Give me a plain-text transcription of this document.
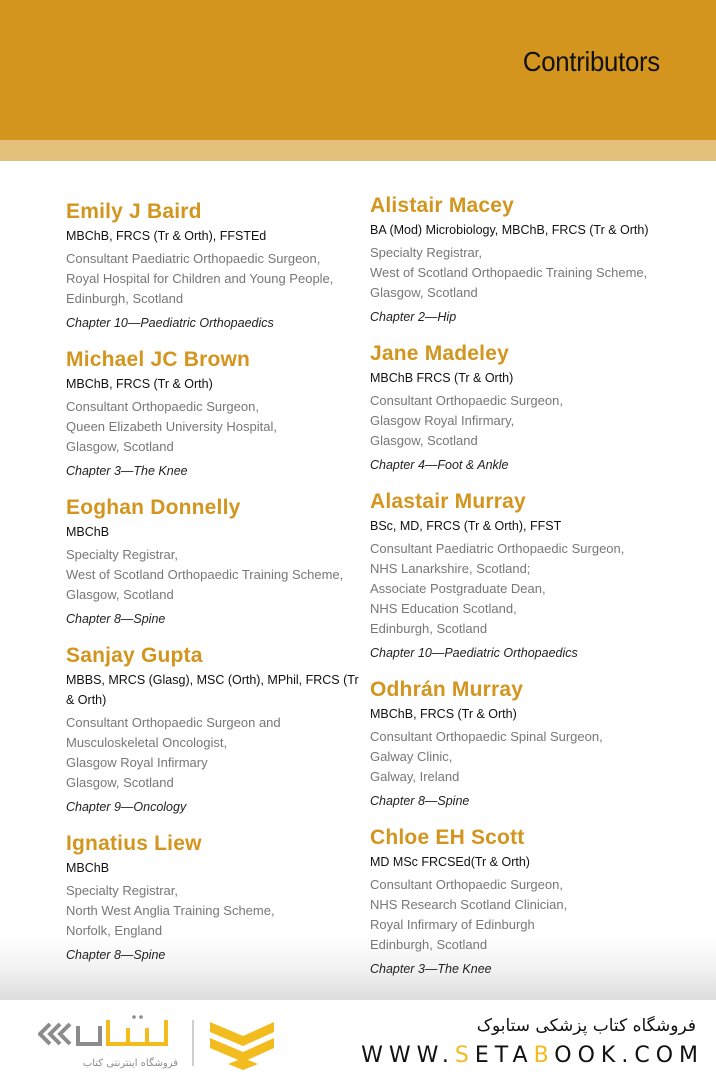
Contributors
Emily J Baird
MBChB, FRCS (Tr & Orth), FFSTEd
Consultant Paediatric Orthopaedic Surgeon,
Royal Hospital for Children and Young People,
Edinburgh, Scotland
Chapter 10—Paediatric Orthopaedics
Michael JC Brown
MBChB, FRCS (Tr & Orth)
Consultant Orthopaedic Surgeon,
Queen Elizabeth University Hospital,
Glasgow, Scotland
Chapter 3—The Knee
Eoghan Donnelly
MBChB
Specialty Registrar,
West of Scotland Orthopaedic Training Scheme,
Glasgow, Scotland
Chapter 8—Spine
Sanjay Gupta
MBBS, MRCS (Glasg), MSC (Orth), MPhil, FRCS (Tr & Orth)
Consultant Orthopaedic Surgeon and
Musculoskeletal Oncologist,
Glasgow Royal Infirmary
Glasgow, Scotland
Chapter 9—Oncology
Ignatius Liew
MBChB
Specialty Registrar,
North West Anglia Training Scheme,
Norfolk, England
Chapter 8—Spine
Alistair Macey
BA (Mod) Microbiology, MBChB, FRCS (Tr & Orth)
Specialty Registrar,
West of Scotland Orthopaedic Training Scheme,
Glasgow, Scotland
Chapter 2—Hip
Jane Madeley
MBChB FRCS (Tr & Orth)
Consultant Orthopaedic Surgeon,
Glasgow Royal Infirmary,
Glasgow, Scotland
Chapter 4—Foot & Ankle
Alastair Murray
BSc, MD, FRCS (Tr & Orth), FFST
Consultant Paediatric Orthopaedic Surgeon,
NHS Lanarkshire, Scotland;
Associate Postgraduate Dean,
NHS Education Scotland,
Edinburgh, Scotland
Chapter 10—Paediatric Orthopaedics
Odhrán Murray
MBChB, FRCS (Tr & Orth)
Consultant Orthopaedic Spinal Surgeon,
Galway Clinic,
Galway, Ireland
Chapter 8—Spine
Chloe EH Scott
MD MSc FRCSEd(Tr & Orth)
Consultant Orthopaedic Surgeon,
NHS Research Scotland Clinician,
Royal Infirmary of Edinburgh
Edinburgh, Scotland
Chapter 3—The Knee
فروشگاه اینترنتی کتاب
فروشگاه کتاب پزشکی ستابوک
WWW.SETABOOK.COM
